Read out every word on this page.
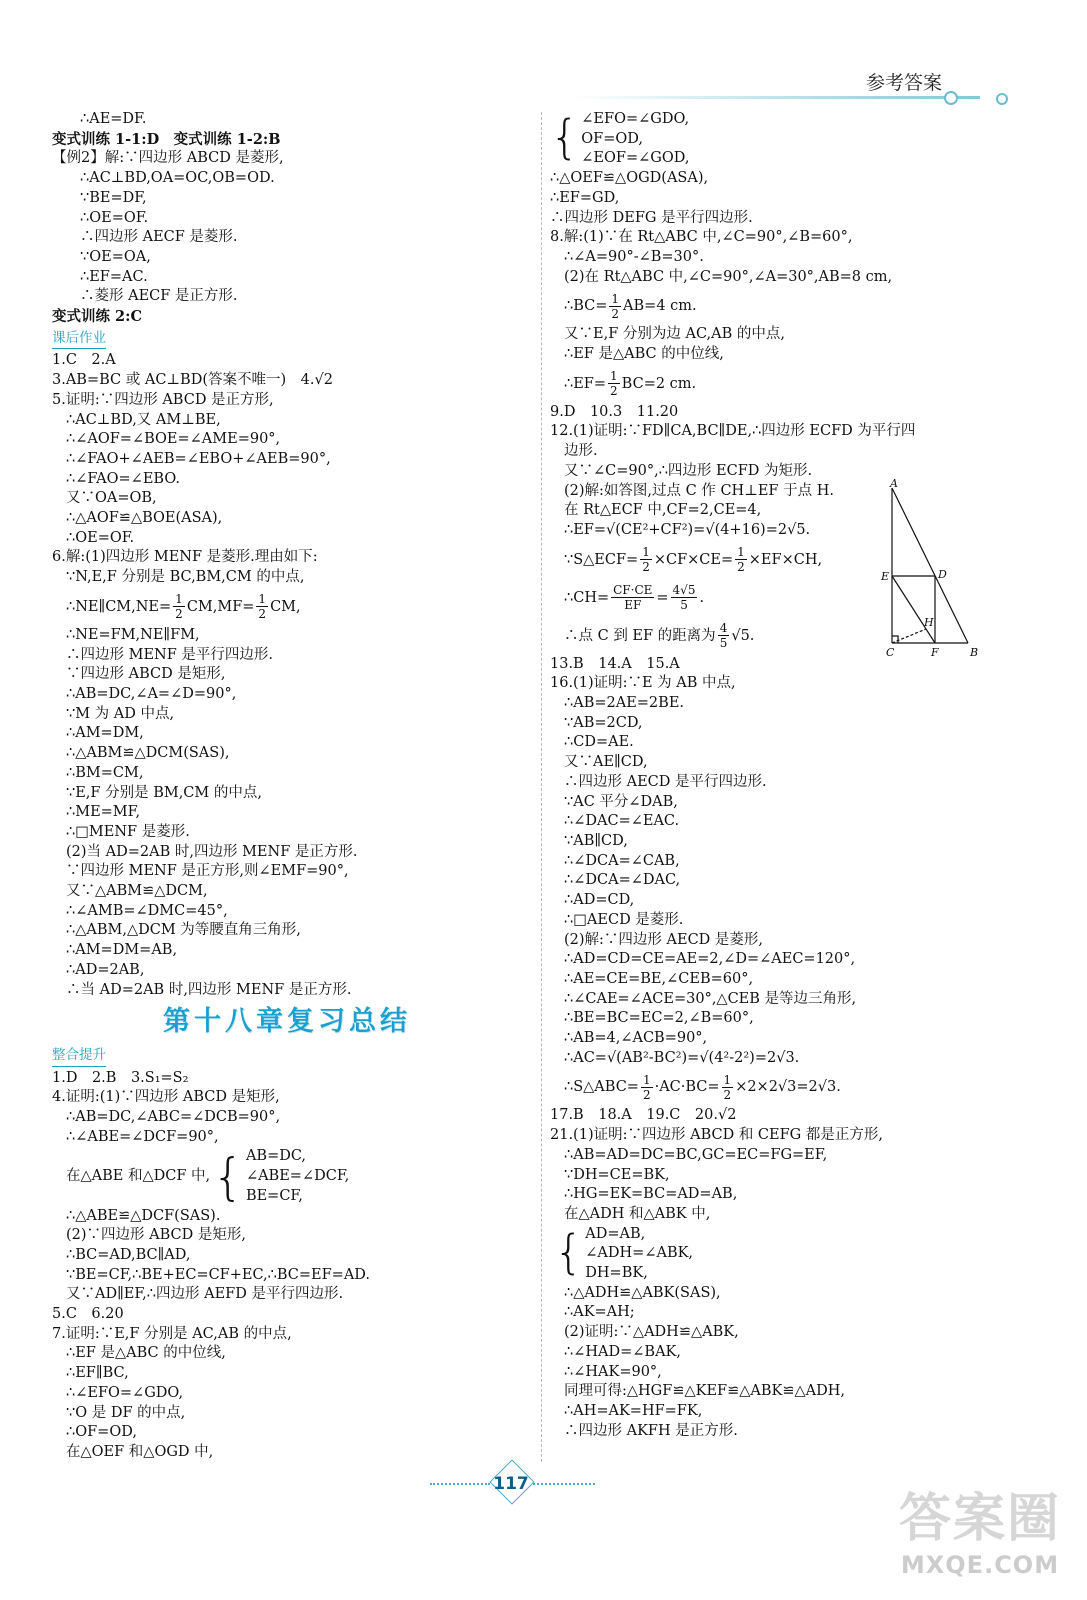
参考答案
∴AE=DF.
变式训练 1-1:D　变式训练 1-2:B
【例2】解:∵四边形 ABCD 是菱形,
∴AC⊥BD,OA=OC,OB=OD.
∵BE=DF,
∴OE=OF.
∴四边形 AECF 是菱形.
∵OE=OA,
∴EF=AC.
∴菱形 AECF 是正方形.
变式训练 2:C
课后作业
1.C　2.A
3.AB=BC 或 AC⊥BD(答案不唯一)　4.√2
5.证明:∵四边形 ABCD 是正方形,
∴AC⊥BD,又 AM⊥BE,
∴∠AOF=∠BOE=∠AME=90°,
∴∠FAO+∠AEB=∠EBO+∠AEB=90°,
∴∠FAO=∠EBO.
又∵OA=OB,
∴△AOF≌△BOE(ASA),
∴OE=OF.
6.解:(1)四边形 MENF 是菱形.理由如下:
∵N,E,F 分别是 BC,BM,CM 的中点,
∴NE∥CM,NE= $\frac{1}{2} CM,MF= \frac{1}{2}$ CM,
∴NE=FM,NE∥FM,
∴四边形 MENF 是平行四边形.
∵四边形 ABCD 是矩形,
∴AB=DC,∠A=∠D=90°,
∵M 为 AD 中点,
∴AM=DM,
∴△ABM≌△DCM(SAS),
∴BM=CM,
∵E,F 分别是 BM,CM 的中点,
∴ME=MF,
∴□MENF 是菱形.
(2)当 AD=2AB 时,四边形 MENF 是正方形.
∵四边形 MENF 是正方形,则∠EMF=90°,
又∵△ABM≌△DCM,
∴∠AMB=∠DMC=45°,
∴△ABM,△DCM 为等腰直角三角形,
∴AM=DM=AB,
∴AD=2AB,
∴当 AD=2AB 时,四边形 MENF 是正方形.
第十八章复习总结
整合提升
1.D　2.B　3.S₁=S₂
4.证明:(1)∵四边形 ABCD 是矩形,
∴AB=DC,∠ABC=∠DCB=90°,
∴∠ABE=∠DCF=90°,
在△ABE 和△DCF 中, { AB=DC,
∠ABE=∠DCF,
BE=CF,
∴△ABE≌△DCF(SAS).
(2)∵四边形 ABCD 是矩形,
∴BC=AD,BC∥AD,
∵BE=CF,∴BE+EC=CF+EC,∴BC=EF=AD.
又∵AD∥EF,∴四边形 AEFD 是平行四边形.
5.C　6.20
7.证明:∵E,F 分别是 AC,AB 的中点,
∴EF 是△ABC 的中位线,
∴EF∥BC,
∴∠EFO=∠GDO,
∵O 是 DF 的中点,
∴OF=OD,
在△OEF 和△OGD 中,
{ ∠EFO=∠GDO,
OF=OD,
∠EOF=∠GOD,
∴△OEF≌△OGD(ASA),
∴EF=GD,
∴四边形 DEFG 是平行四边形.
8.解:(1)∵在 Rt△ABC 中,∠C=90°,∠B=60°,
∴∠A=90°-∠B=30°.
(2)在 Rt△ABC 中,∠C=90°,∠A=30°,AB=8 cm,
∴BC= $\frac{1}{2} AB=4$ cm.
又∵E,F 分别为边 AC,AB 的中点,
∴EF 是△ABC 的中位线,
∴EF= $\frac{1}{2} BC=2$ cm.
9.D　10.3　11.20
12.(1)证明:∵FD∥CA,BC∥DE,∴四边形 ECFD 为平行四
边形.
又∵∠C=90°,∴四边形 ECFD 为矩形.
(2)解:如答图,过点 C 作 CH⊥EF 于点 H.
在 Rt△ECF 中,CF=2,CE=4,
∴EF=√(CE²+CF²)=√(4+16)=2√5.
∵S△ECF= $\frac{1}{2} \times CF\times CE= \frac{1}{2} \times EF\times CH$,
∴CH= $\frac{CF\cdot CE}{EF} = \frac{4√5}{5}$ .
∴点 C 到 EF 的距离为 $\frac{4}{5} √5$.
13.B　14.A　15.A
16.(1)证明:∵E 为 AB 中点,
∴AB=2AE=2BE.
∵AB=2CD,
∴CD=AE.
又∵AE∥CD,
∴四边形 AECD 是平行四边形.
∵AC 平分∠DAB,
∴∠DAC=∠EAC.
∵AB∥CD,
∴∠DCA=∠CAB,
∴∠DCA=∠DAC,
∴AD=CD,
∴□AECD 是菱形.
(2)解:∵四边形 AECD 是菱形,
∴AD=CD=CE=AE=2,∠D=∠AEC=120°,
∴AE=CE=BE,∠CEB=60°,
∴∠CAE=∠ACE=30°,△CEB 是等边三角形,
∴BE=BC=EC=2,∠B=60°,
∴AB=4,∠ACB=90°,
∴AC=√(AB²-BC²)=√(4²-2²)=2√3.
∴S△ABC= $\frac{1}{2} \cdot AC\cdot BC= \frac{1}{2} \times 2\times 2√3=2√3$.
17.B　18.A　19.C　20.√2
21.(1)证明:∵四边形 ABCD 和 CEFG 都是正方形,
∴AB=AD=DC=BC,GC=EC=FG=EF,
∵DH=CE=BK,
∴HG=EK=BC=AD=AB,
在△ADH 和△ABK 中,
{ AD=AB,
∠ADH=∠ABK,
DH=BK,
∴△ADH≌△ABK(SAS),
∴AK=AH;
(2)证明:∵△ADH≌△ABK,
∴∠HAD=∠BAK,
∴∠HAK=90°,
同理可得:△HGF≌△KEF≌△ABK≌△ADH,
∴AH=AK=HF=FK,
∴四边形 AKFH 是正方形.
A
B
C
D
E
F
H
117
答案圈
MXQE.COM
